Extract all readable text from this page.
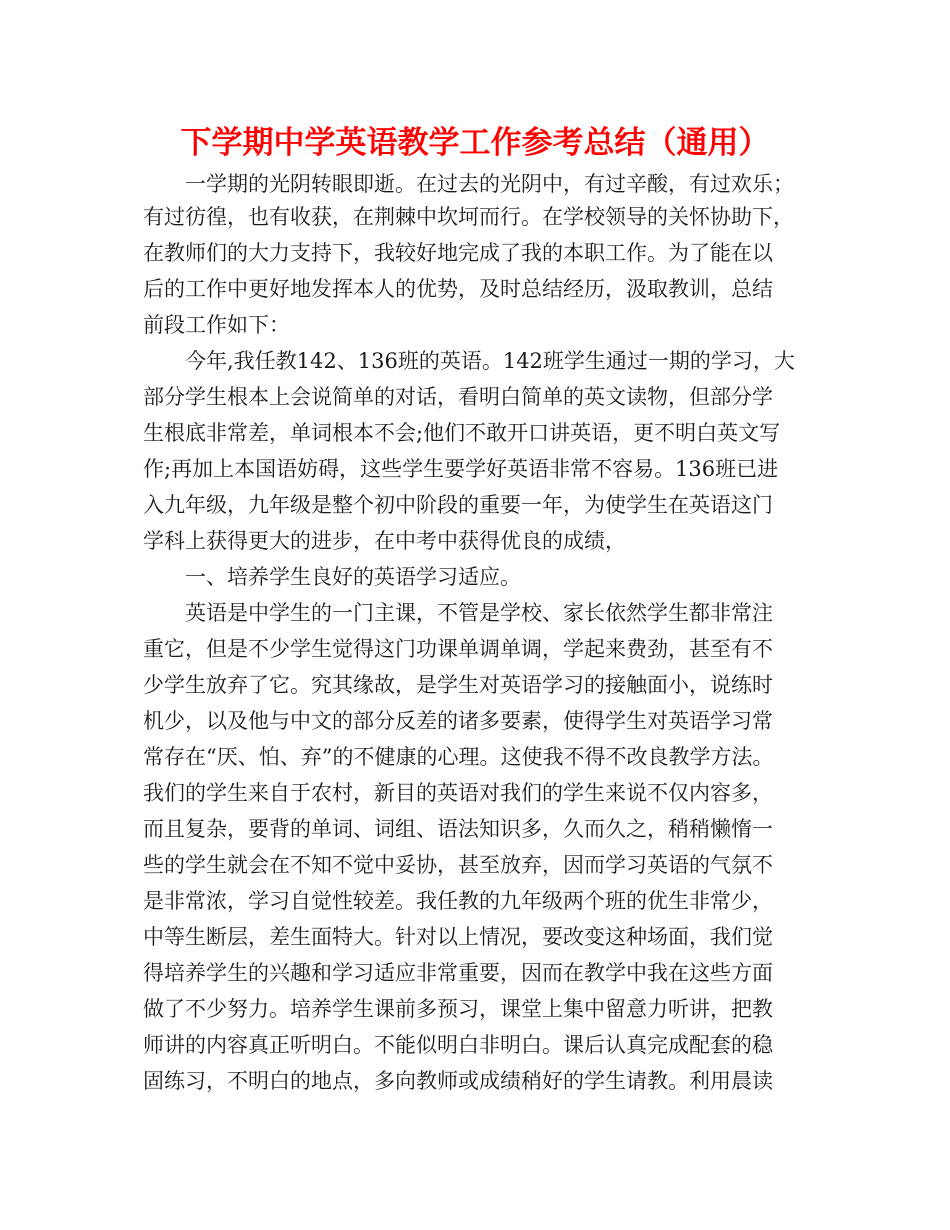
下学期中学英语教学工作参考总结（通用）
一学期的光阴转眼即逝。在过去的光阴中，有过辛酸，有过欢乐；
有过彷徨，也有收获，在荆棘中坎坷而行。在学校领导的关怀协助下，
在教师们的大力支持下，我较好地完成了我的本职工作。为了能在以
后的工作中更好地发挥本人的优势，及时总结经历，汲取教训，总结
前段工作如下：
今年,我任教142、136班的英语。142班学生通过一期的学习，大
部分学生根本上会说简单的对话，看明白简单的英文读物，但部分学
生根底非常差，单词根本不会;他们不敢开口讲英语，更不明白英文写
作;再加上本国语妨碍，这些学生要学好英语非常不容易。136班已进
入九年级，九年级是整个初中阶段的重要一年，为使学生在英语这门
学科上获得更大的进步，在中考中获得优良的成绩，
一、培养学生良好的英语学习适应。
英语是中学生的一门主课，不管是学校、家长依然学生都非常注
重它，但是不少学生觉得这门功课单调单调，学起来费劲，甚至有不
少学生放弃了它。究其缘故，是学生对英语学习的接触面小，说练时
机少，以及他与中文的部分反差的诸多要素，使得学生对英语学习常
常存在“厌、怕、弃”的不健康的心理。这使我不得不改良教学方法。
我们的学生来自于农村，新目的英语对我们的学生来说不仅内容多，
而且复杂，要背的单词、词组、语法知识多，久而久之，稍稍懒惰一
些的学生就会在不知不觉中妥协，甚至放弃，因而学习英语的气氛不
是非常浓，学习自觉性较差。我任教的九年级两个班的优生非常少，
中等生断层，差生面特大。针对以上情况，要改变这种场面，我们觉
得培养学生的兴趣和学习适应非常重要，因而在教学中我在这些方面
做了不少努力。培养学生课前多预习，课堂上集中留意力听讲，把教
师讲的内容真正听明白。不能似明白非明白。课后认真完成配套的稳
固练习，不明白的地点，多向教师或成绩稍好的学生请教。利用晨读
